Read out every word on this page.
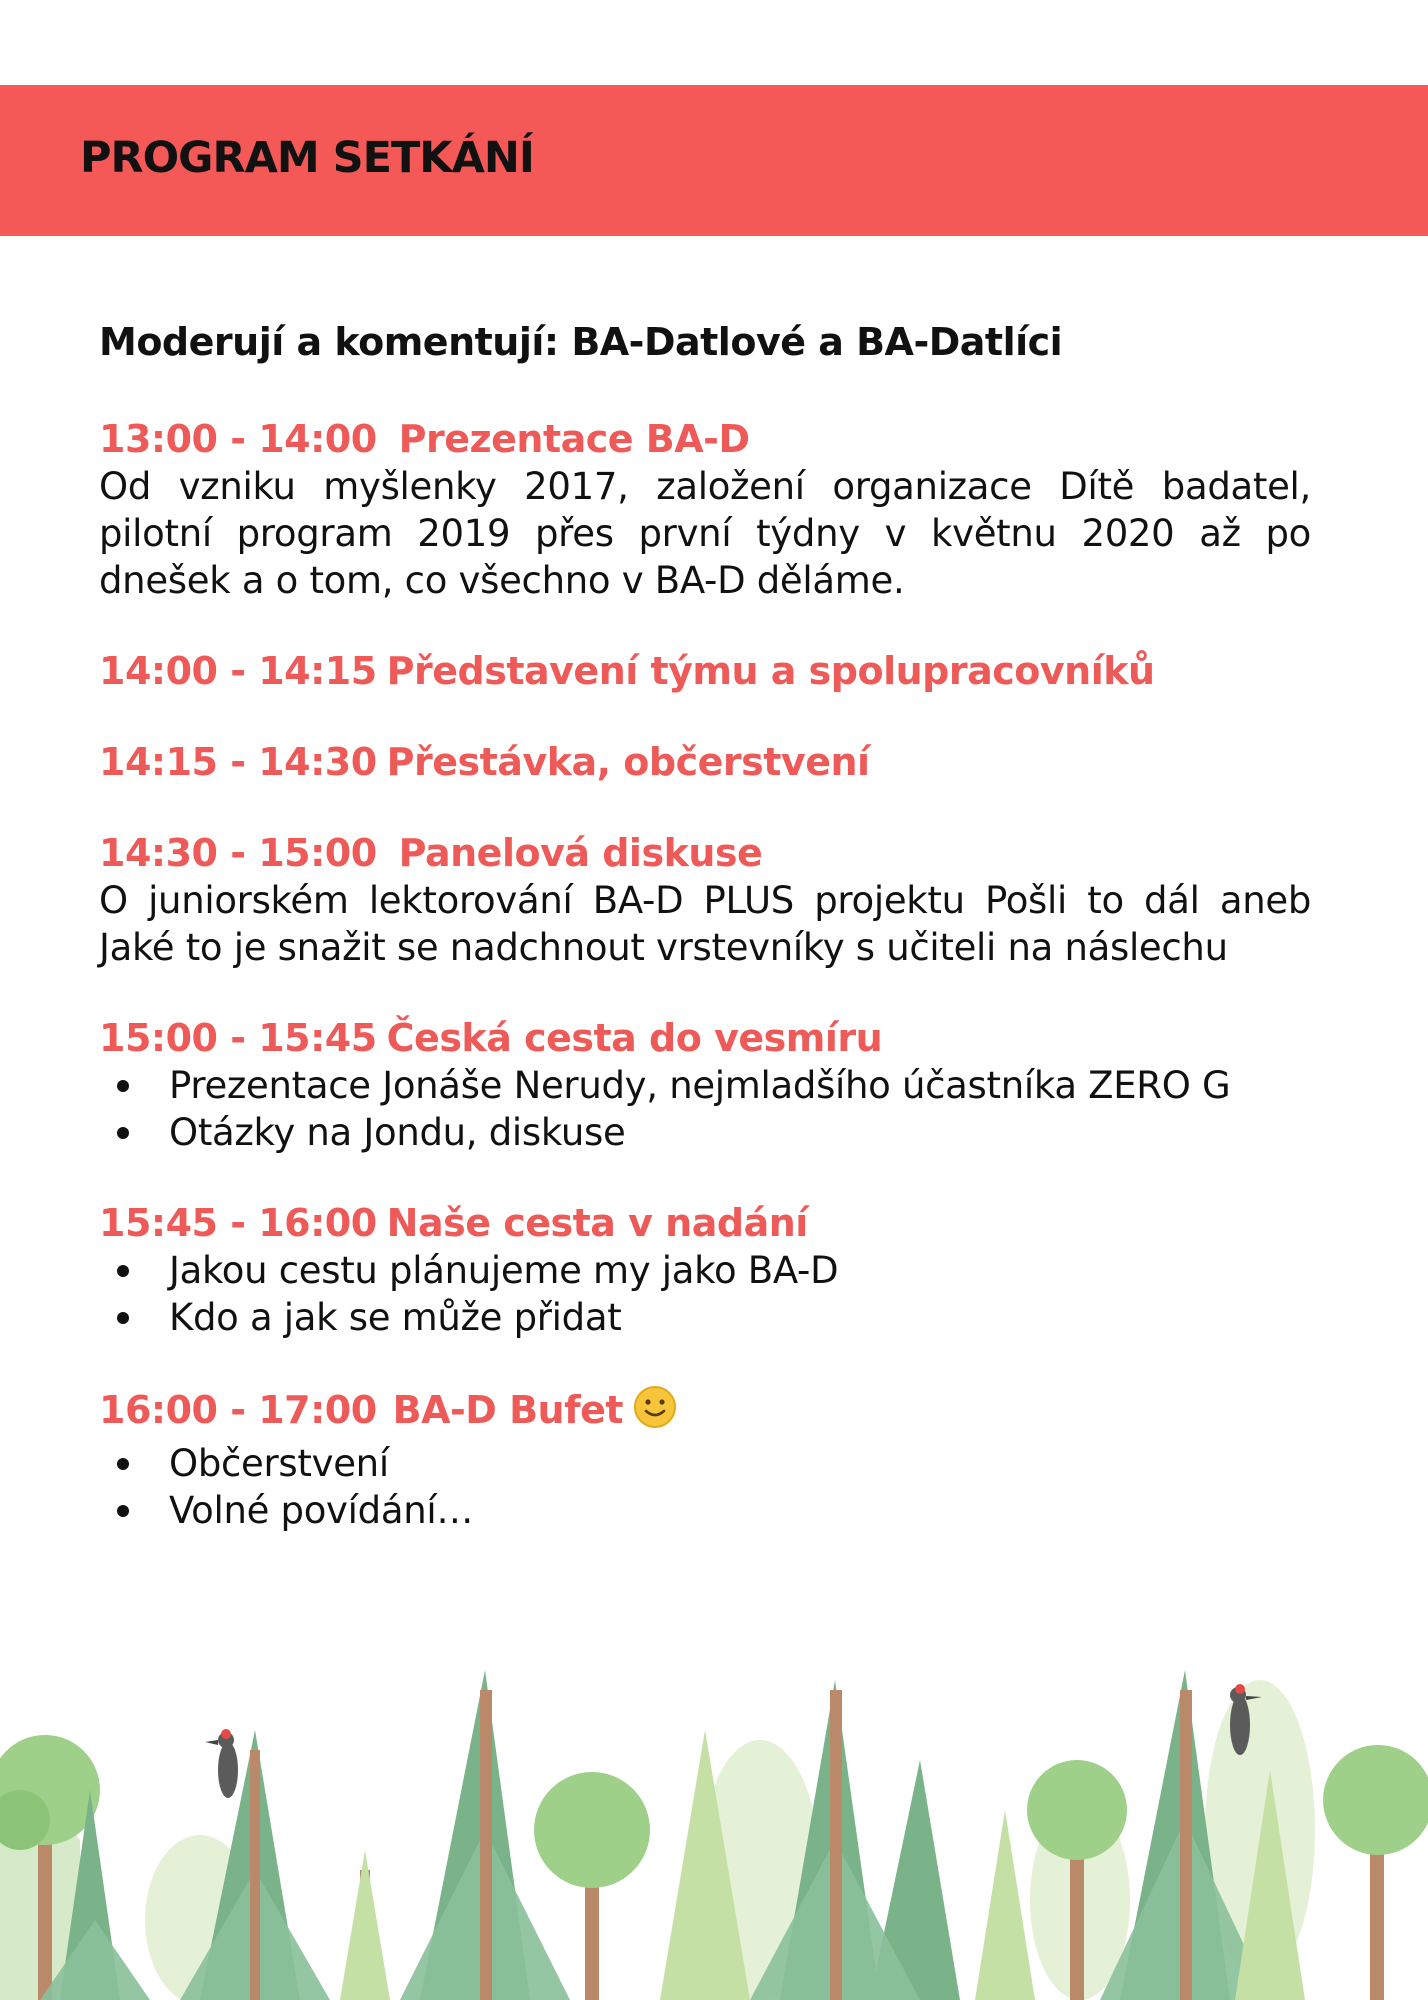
PROGRAM SETKÁNÍ

Moderují a komentují: BA-Datlové a BA-Datlíci

13:00 - 14:00 Prezentace BA-D

Od vzniku myšlenky 2017, založení organizace Dítě badatel, pilotní program 2019 přes první týdny v květnu 2020 až po dnešek a o tom, co všechno v BA-D děláme.

14:00 - 14:15 Představení týmu a spolupracovníků

14:15 - 14:30 Přestávka, občerstvení

14:30 - 15:00 Panelová diskuse

O juniorském lektorování BA-D PLUS projektu Pošli to dál aneb Jaké to je snažit se nadchnout vrstevníky s učiteli na náslechu

15:00 - 15:45 Česká cesta do vesmíru

Prezentace Jonáše Nerudy, nejmladšího účastníka ZERO G
Otázky na Jondu, diskuse

15:45 - 16:00 Naše cesta v nadání

Jakou cestu plánujeme my jako BA-D
Kdo a jak se může přidat

16:00 - 17:00 BA-D Bufet

Občerstvení
Volné povídání…
